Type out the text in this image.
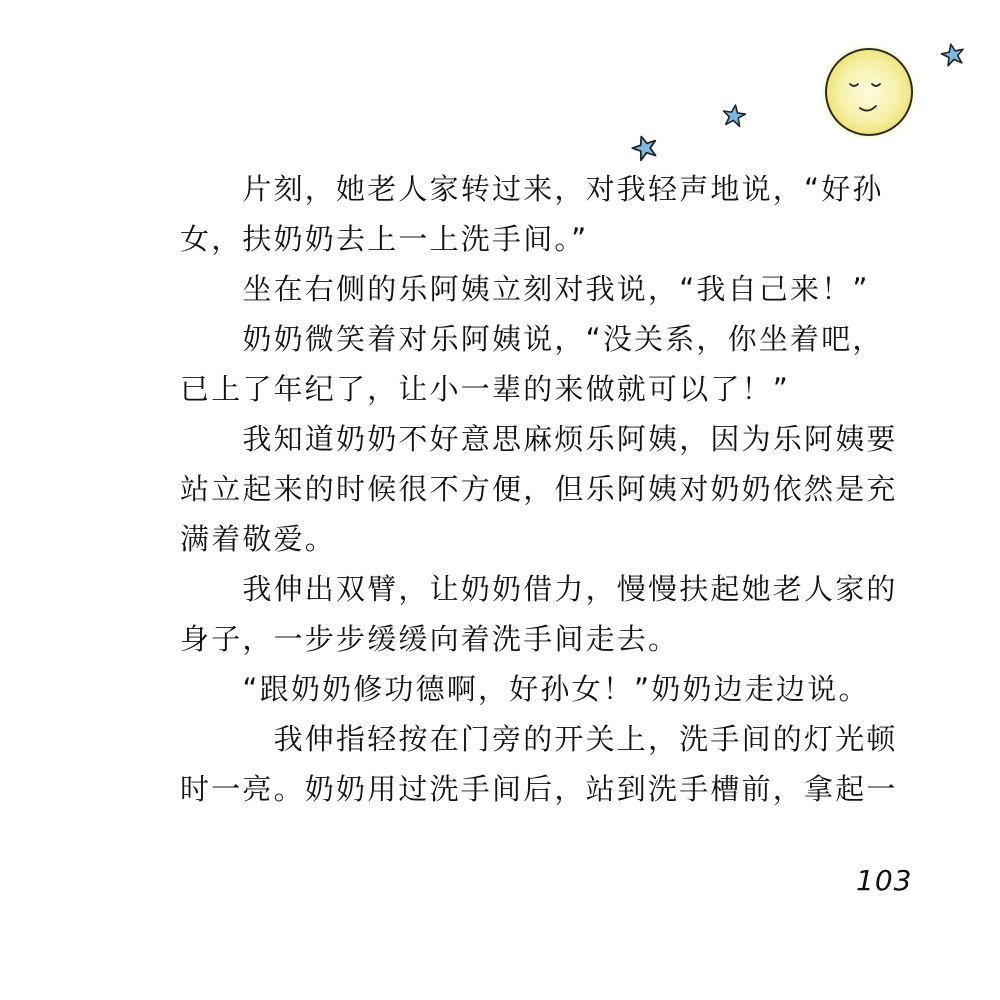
　　片刻，她老人家转过来，对我轻声地说，“好孙
女，扶奶奶去上一上洗手间。”
　　坐在右侧的乐阿姨立刻对我说，“我自己来！”
　　奶奶微笑着对乐阿姨说，“没关系，你坐着吧，
已上了年纪了，让小一辈的来做就可以了！”
　　我知道奶奶不好意思麻烦乐阿姨，因为乐阿姨要
站立起来的时候很不方便，但乐阿姨对奶奶依然是充
满着敬爱。
　　我伸出双臂，让奶奶借力，慢慢扶起她老人家的
身子，一步步缓缓向着洗手间走去。
　　“跟奶奶修功德啊，好孙女！”奶奶边走边说。
　　　我伸指轻按在门旁的开关上，洗手间的灯光顿
时一亮。奶奶用过洗手间后，站到洗手槽前，拿起一
103
